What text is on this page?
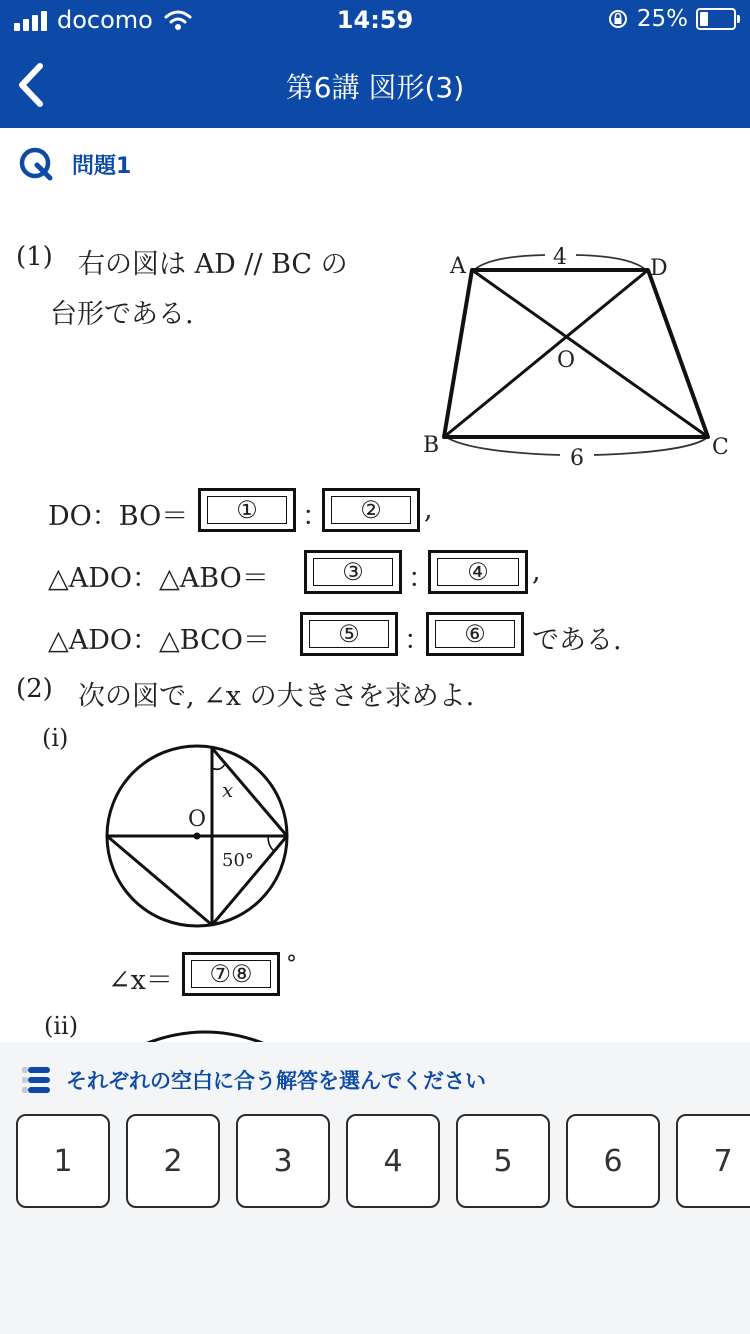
docomo	14:59	25%
第6講 図形(3)
問題1
(1) 右の図は AD // BC の
台形である.
A	D
B	C
O
4
6
DO：BO＝	①	：	②	,
△ADO：△ABO＝	③	：	④	,
△ADO：△BCO＝	⑤	：	⑥	である.
(2) 次の図で, ∠x の大きさを求めよ.
(i)
O
x
50°
∠x＝	⑦⑧	°
(ii)
それぞれの空白に合う解答を選んでください
1	2	3	4	5	6	7
